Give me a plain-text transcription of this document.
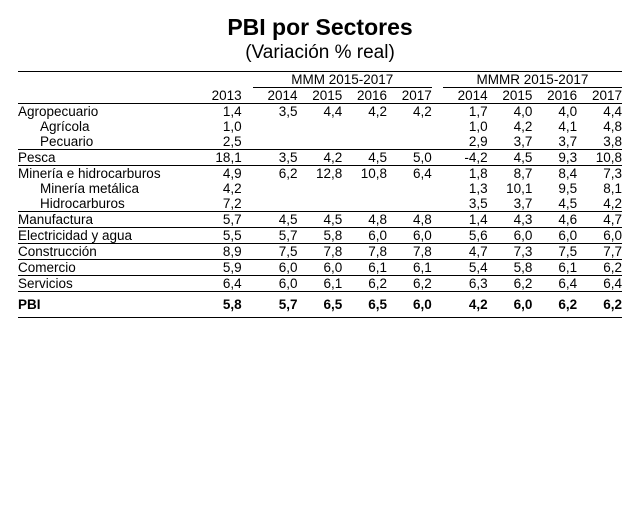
PBI por Sectores
(Variación % real)
			MMM 2015-2017					MMMR 2015-2017			
	2013		2014	2015	2016	2017		2014	2015	2016	2017
Agropecuario	1,4		3,5	4,4	4,2	4,2		1,7	4,0	4,0	4,4
Agrícola	1,0							1,0	4,2	4,1	4,8
Pecuario	2,5							2,9	3,7	3,7	3,8
Pesca	18,1		3,5	4,2	4,5	5,0		-4,2	4,5	9,3	10,8
Minería e hidrocarburos	4,9		6,2	12,8	10,8	6,4		1,8	8,7	8,4	7,3
Minería metálica	4,2							1,3	10,1	9,5	8,1
Hidrocarburos	7,2							3,5	3,7	4,5	4,2
Manufactura	5,7		4,5	4,5	4,8	4,8		1,4	4,3	4,6	4,7
Electricidad y agua	5,5		5,7	5,8	6,0	6,0		5,6	6,0	6,0	6,0
Construcción	8,9		7,5	7,8	7,8	7,8		4,7	7,3	7,5	7,7
Comercio	5,9		6,0	6,0	6,1	6,1		5,4	5,8	6,1	6,2
Servicios	6,4		6,0	6,1	6,2	6,2		6,3	6,2	6,4	6,4
PBI	5,8		5,7	6,5	6,5	6,0		4,2	6,0	6,2	6,2
